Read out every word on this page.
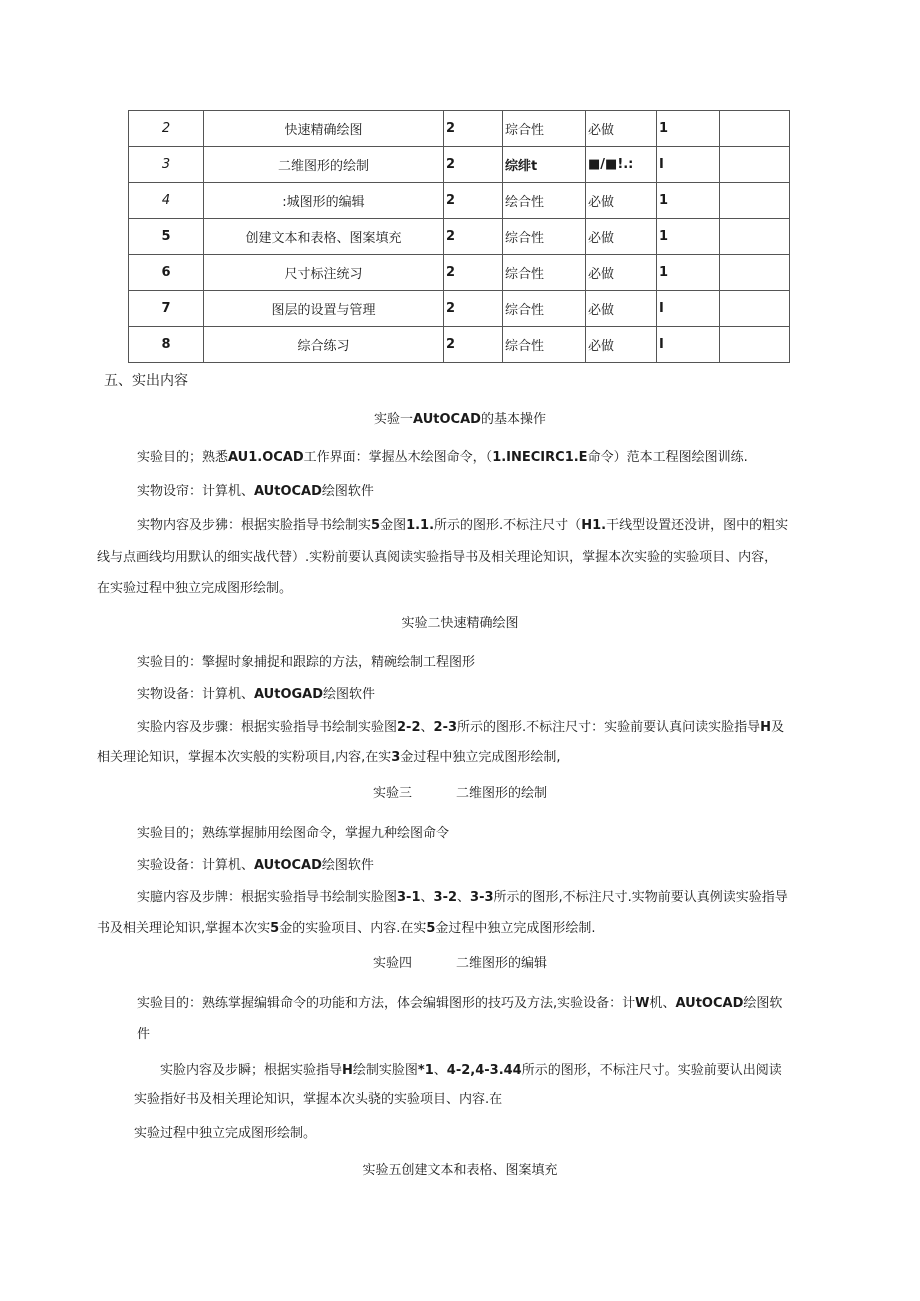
2	快速精确绘图	2	琮合性	必做	1	
3	二维图形的绘制	2	综绯t	■/■!.:	I	
4	:城图形的编辑	2	绘合性	必做	1	
5	创建文本和表格、图案填充	2	综合性	必做	1	
6	尺寸标注统习	2	综合性	必做	1	
7	图层的设置与管理	2	综合性	必做	I	
8	综合练习	2	综合性	必做	I	
五、实出内容
实验一AUtOCAD的基本操作
实验目的；熟悉AU1.OCAD工作界面：掌握丛木绘图命令，（1.INECIRC1.E命令）范本工程图绘图训练.
实物设帘：计算机、AUtOCAD绘图软件
实物内容及步狒：根据实脸指导书绘制实5金图1.1.所示的图形.不标注尺寸（H1.干线型设置还没讲，图中的粗实
线与点画线均用默认的细实战代替）.实粉前要认真阅读实验指导书及相关理论知识，掌握本次实验的实验项目、内容，
在实验过程中独立完成图形绘制。
实验二快速精确绘图
实验目的：擎握时象捕捉和跟踪的方法，精碗绘制工程图形
实物设备：计算机、AUtOGAD绘图软件
实脸内容及步骤：根据实验指导书绘制实验图2-2、2-3所示的图形.不标注尺寸：实验前要认真问读实脸指导H及
相关理论知识，掌握本次实般的实粉项目,内容,在实3金过程中独立完成图形绘制,
实验三	二维图形的绘制
实验目的；熟练掌握肺用绘图命令，掌握九种绘图命令
实验设备：计算机、AUtOCAD绘图软件
实臆内容及步牌：根据实验指导书绘制实脸图3-1、3-2、3-3所示的图形,不标注尺寸.实物前要认真例读实验指导
书及相关理论知识,掌握本次实5金的实验项目、内容.在实5金过程中独立完成图形绘制.
实验四	二维图形的编辑
实验目的：熟练掌握编辑命令的功能和方法，体会编辑图形的技巧及方法,实验设备：计W机、AUtOCAD绘图软
件
实脸内容及步瞬；根据实验指导H绘制实脸图*1、4-2,4-3.44所示的图形，不标注尺寸。实验前要认出阅读
实验指好书及相关理论知识，掌握本次头骁的实验项目、内容.在
实验过程中独立完成图形绘制。
实验五创建文本和表格、图案填充
